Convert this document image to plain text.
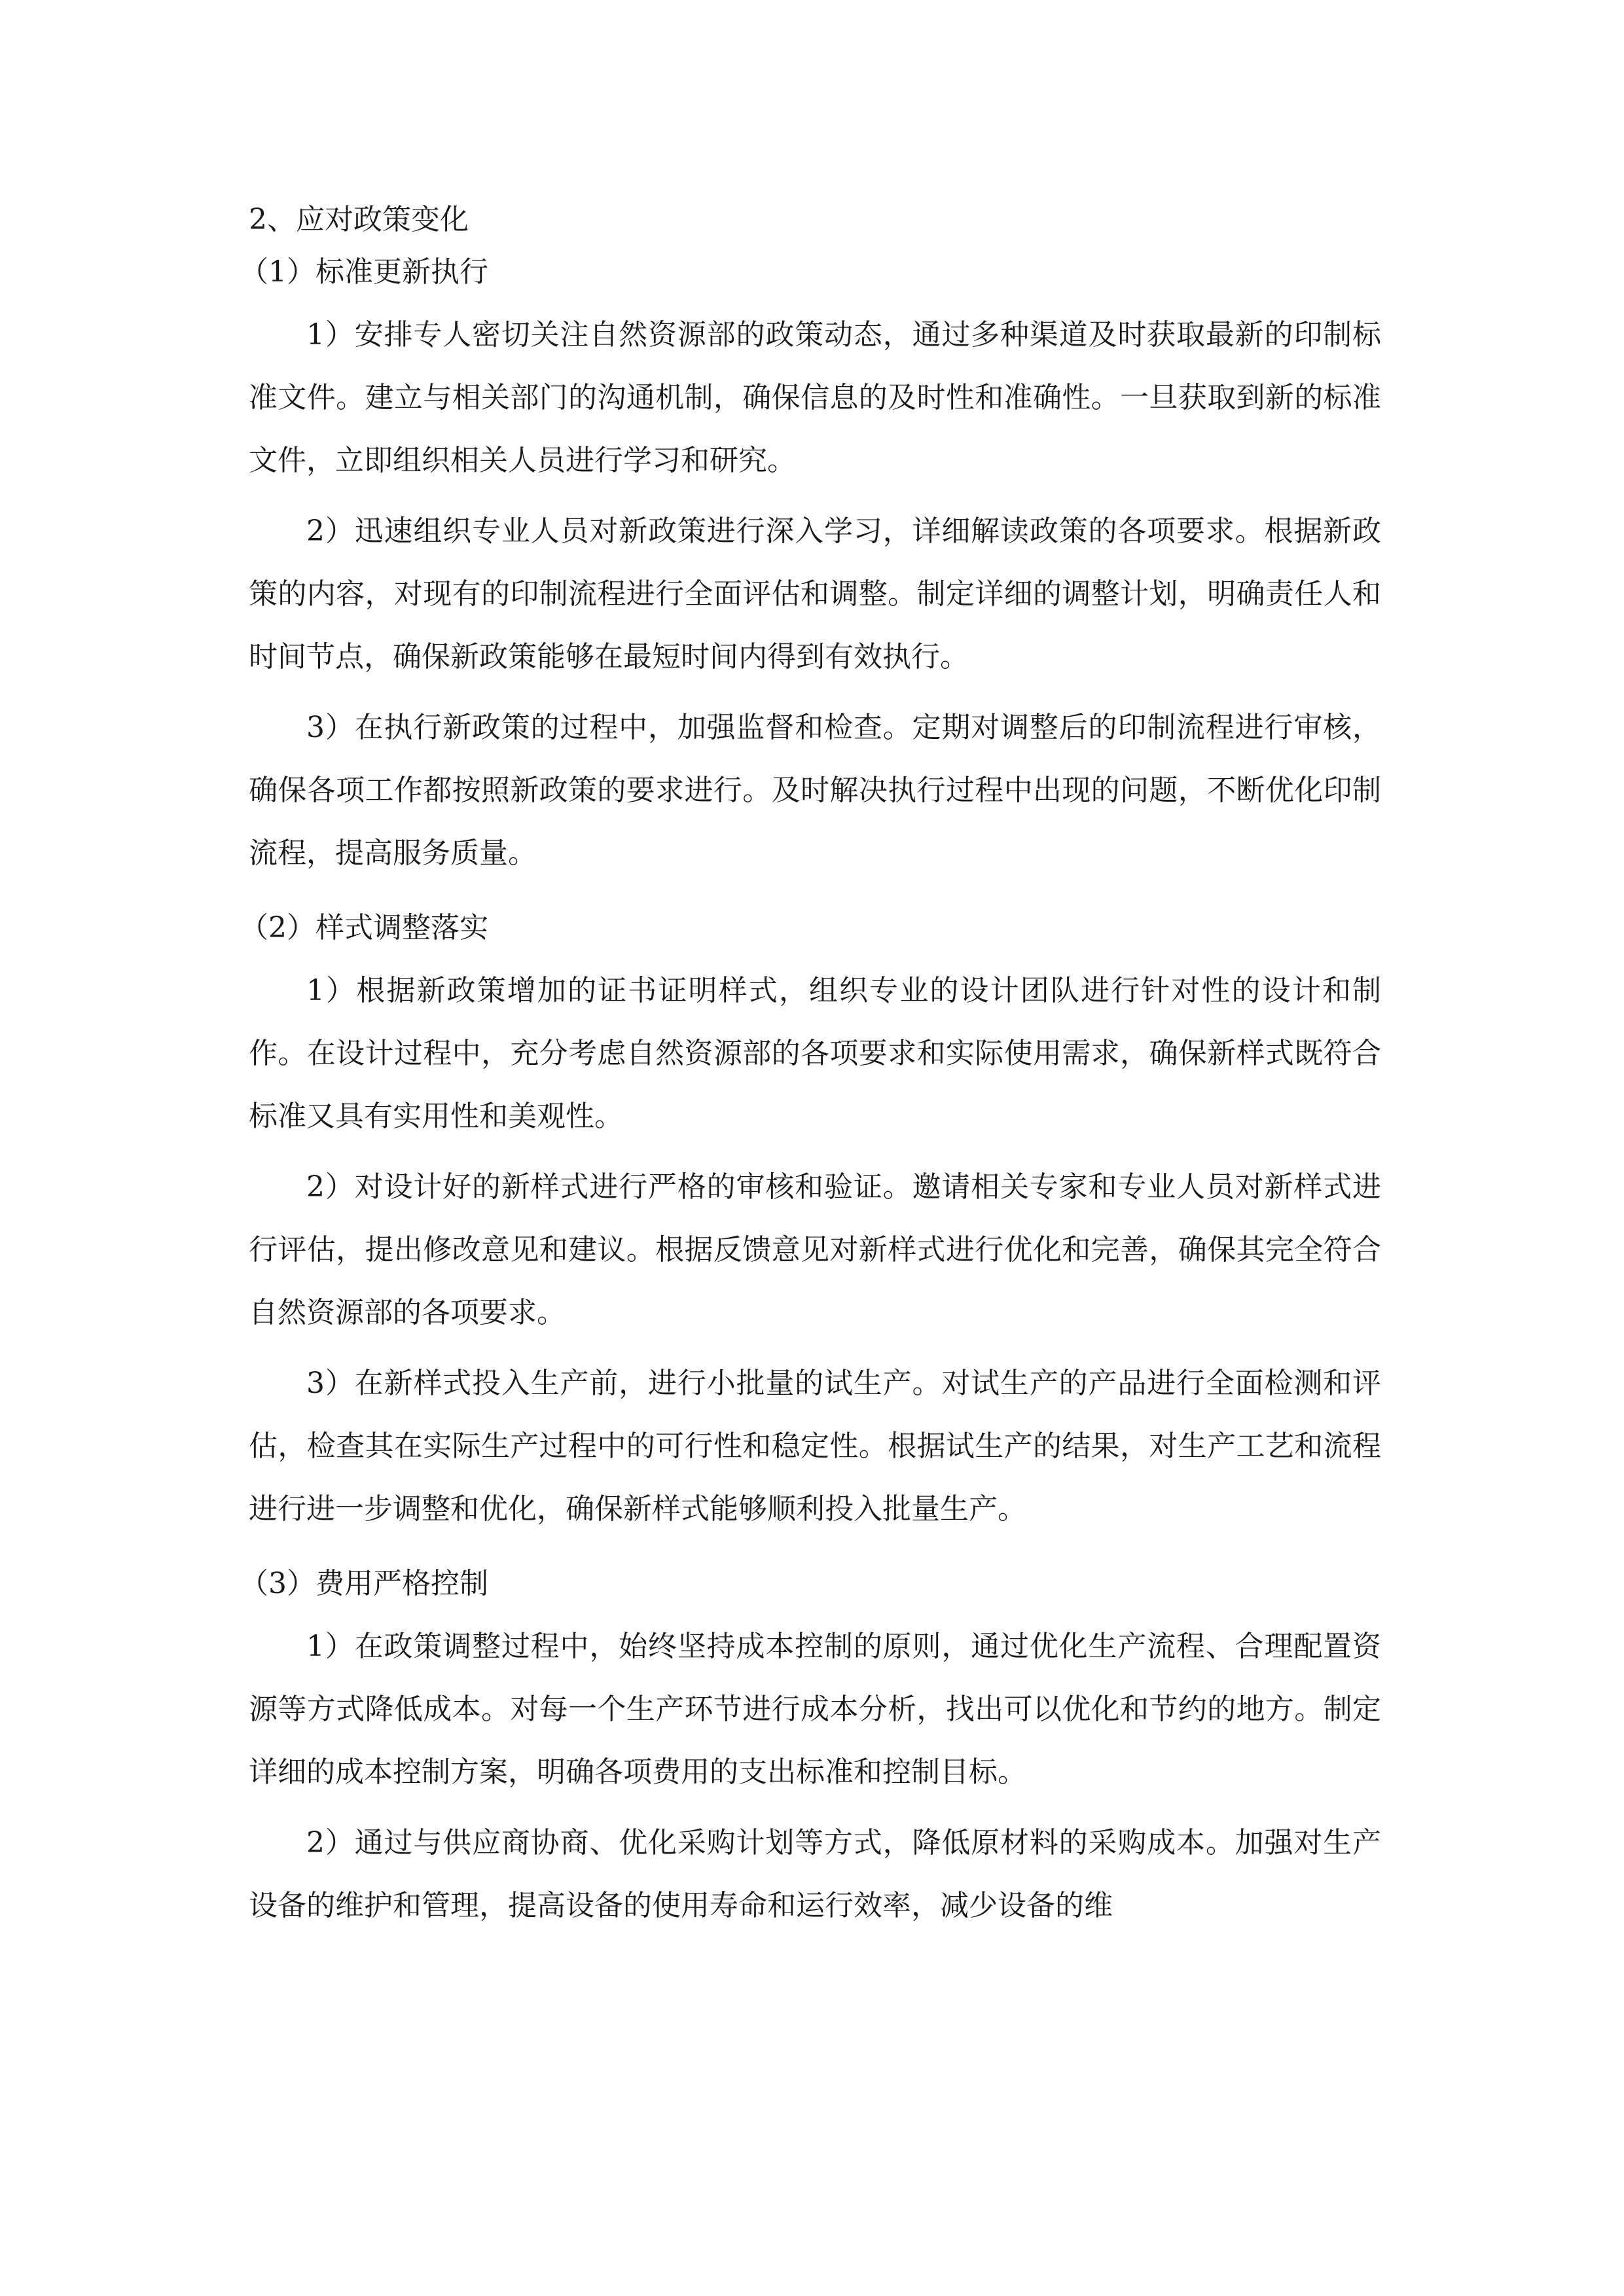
2、应对政策变化

（1）标准更新执行

1）安排专人密切关注自然资源部的政策动态，通过多种渠道及时获取最新的印制标准文件。建立与相关部门的沟通机制，确保信息的及时性和准确性。一旦获取到新的标准文件，立即组织相关人员进行学习和研究。

2）迅速组织专业人员对新政策进行深入学习，详细解读政策的各项要求。根据新政策的内容，对现有的印制流程进行全面评估和调整。制定详细的调整计划，明确责任人和时间节点，确保新政策能够在最短时间内得到有效执行。

3）在执行新政策的过程中，加强监督和检查。定期对调整后的印制流程进行审核，确保各项工作都按照新政策的要求进行。及时解决执行过程中出现的问题，不断优化印制流程，提高服务质量。

（2）样式调整落实

1）根据新政策增加的证书证明样式，组织专业的设计团队进行针对性的设计和制作。在设计过程中，充分考虑自然资源部的各项要求和实际使用需求，确保新样式既符合标准又具有实用性和美观性。

2）对设计好的新样式进行严格的审核和验证。邀请相关专家和专业人员对新样式进行评估，提出修改意见和建议。根据反馈意见对新样式进行优化和完善，确保其完全符合自然资源部的各项要求。

3）在新样式投入生产前，进行小批量的试生产。对试生产的产品进行全面检测和评估，检查其在实际生产过程中的可行性和稳定性。根据试生产的结果，对生产工艺和流程进行进一步调整和优化，确保新样式能够顺利投入批量生产。

（3）费用严格控制

1）在政策调整过程中，始终坚持成本控制的原则，通过优化生产流程、合理配置资源等方式降低成本。对每一个生产环节进行成本分析，找出可以优化和节约的地方。制定详细的成本控制方案，明确各项费用的支出标准和控制目标。

2）通过与供应商协商、优化采购计划等方式，降低原材料的采购成本。加强对生产设备的维护和管理，提高设备的使用寿命和运行效率，减少设备的维
